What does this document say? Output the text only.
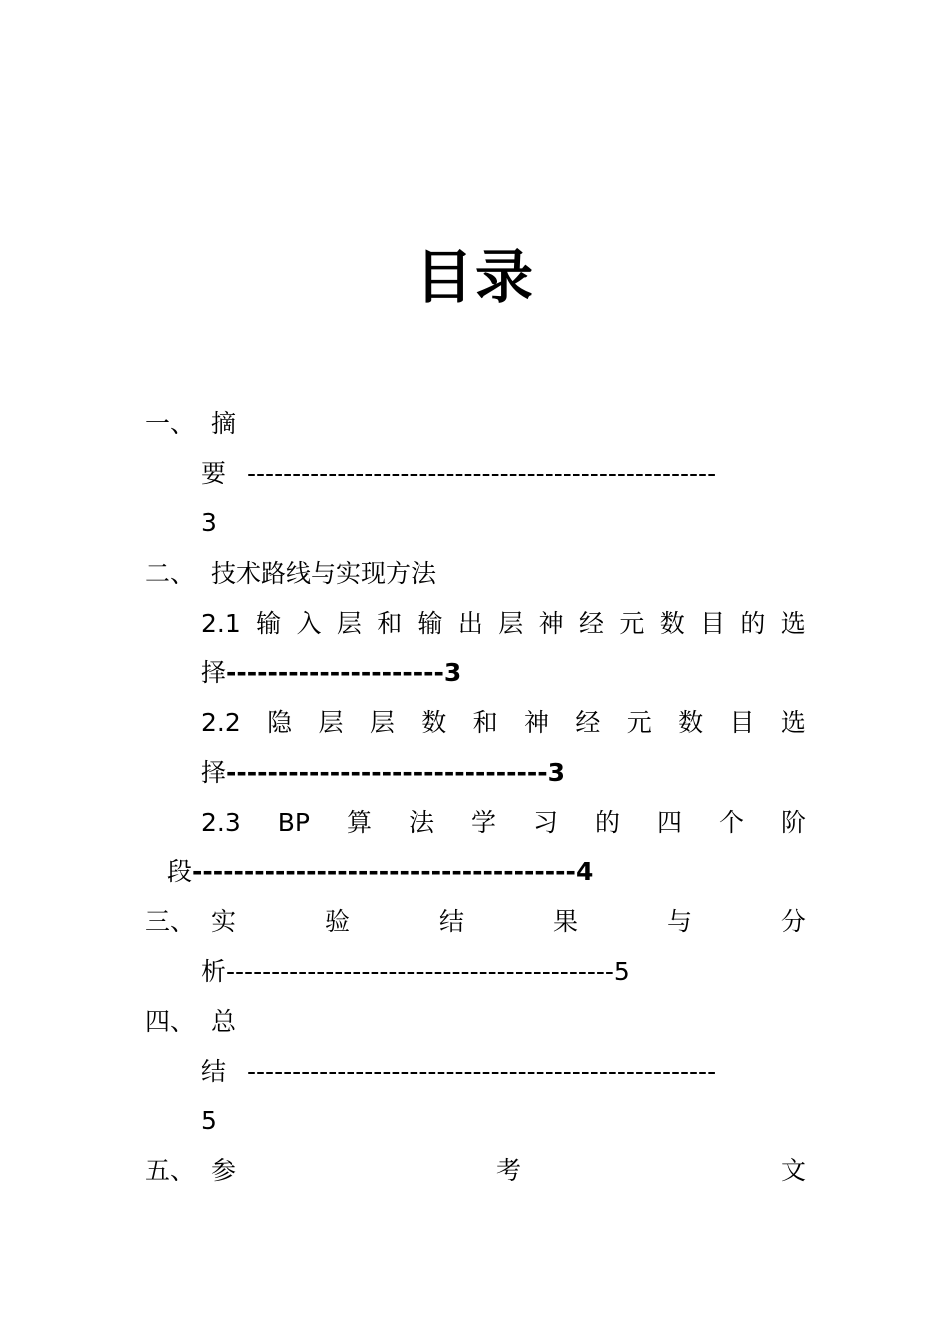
目录
一、 摘
要 ----------------------------------------------------
3
二、 技术路线与实现方法
2.1 输 入 层 和 输 出 层 神 经 元 数 目 的 选
择---------------------3
2.2 隐 层 层 数 和 神 经 元 数 目 选
择-------------------------------3
2.3 BP 算 法 学 习 的 四 个 阶
段-------------------------------------4
三、 实	验	结	果	与	分
析-------------------------------------------5
四、 总
结 ----------------------------------------------------
5
五、 参	考	文
